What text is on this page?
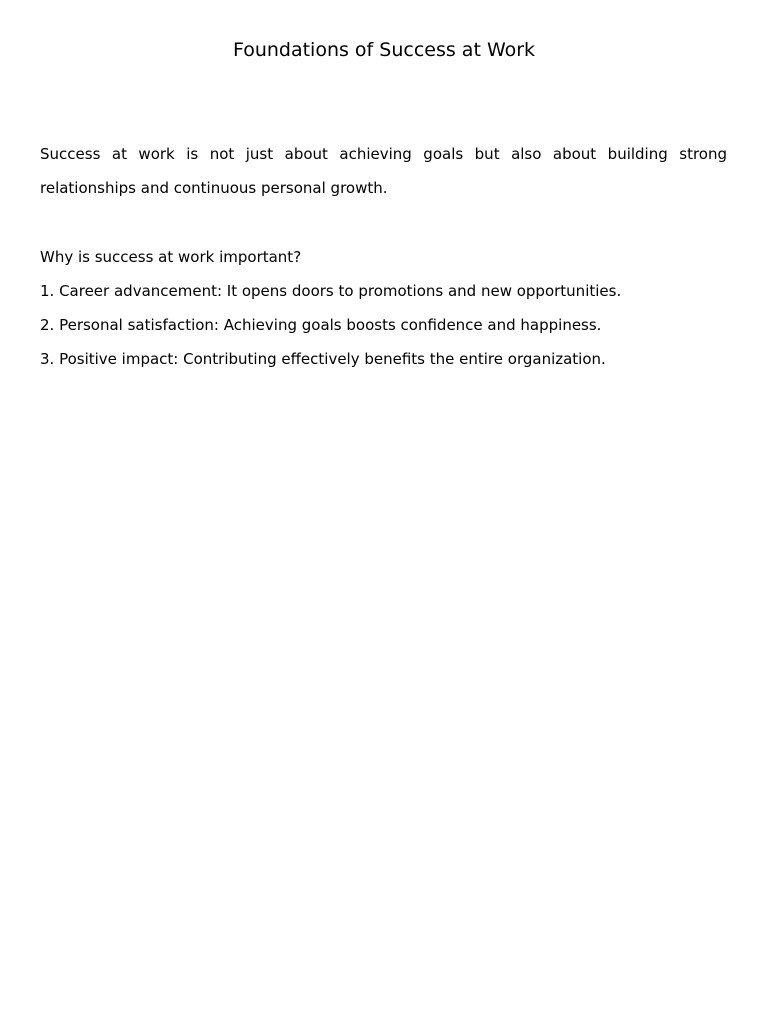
Foundations of Success at Work

Success at work is not just about achieving goals but also about building strong relationships and continuous personal growth.

Why is success at work important?

1. Career advancement: It opens doors to promotions and new opportunities.

2. Personal satisfaction: Achieving goals boosts confidence and happiness.

3. Positive impact: Contributing effectively benefits the entire organization.
